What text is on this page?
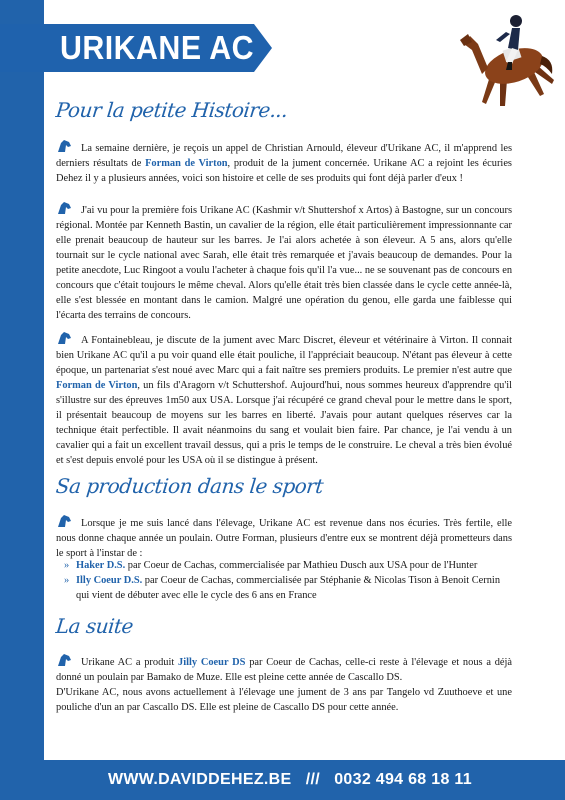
URIKANE AC
Pour la petite Histoire...

La semaine dernière, je reçois un appel de Christian Arnould, éleveur d'Urikane AC, il m'apprend les derniers résultats de Forman de Virton, produit de la jument concernée. Urikane AC a rejoint les écuries Dehez il y a plusieurs années, voici son histoire et celle de ses produits qui font déjà parler d'eux !

J'ai vu pour la première fois Urikane AC (Kashmir v/t Shuttershof x Artos) à Bastogne, sur un concours régional. Montée par Kenneth Bastin, un cavalier de la région, elle était particulièrement impressionnante car elle prenait beaucoup de hauteur sur les barres. Je l'ai alors achetée à son éleveur. A 5 ans, alors qu'elle tournait sur le cycle national avec Sarah, elle était très remarquée et j'avais beaucoup de demandes. Pour la petite anecdote, Luc Ringoot a voulu l'acheter à chaque fois qu'il l'a vue... ne se souvenant pas de concours en concours que c'était toujours le même cheval. Alors qu'elle était très bien classée dans le cycle cette année-là, elle s'est blessée en montant dans le camion. Malgré une opération du genou, elle garda une faiblesse qui l'écarta des terrains de concours.

A Fontainebleau, je discute de la jument avec Marc Discret, éleveur et vétérinaire à Virton. Il connait bien Urikane AC qu'il a pu voir quand elle était pouliche, il l'appréciait beaucoup. N'étant pas éleveur à cette époque, un partenariat s'est noué avec Marc qui a fait naître ses premiers produits. Le premier n'est autre que Forman de Virton, un fils d'Aragorn v/t Schuttershof. Aujourd'hui, nous sommes heureux d'apprendre qu'il s'illustre sur des épreuves 1m50 aux USA. Lorsque j'ai récupéré ce grand cheval pour le mettre dans le sport, il présentait beaucoup de moyens sur les barres en liberté. J'avais pour autant quelques réserves car la technique était perfectible. Il avait néanmoins du sang et voulait bien faire. Par chance, je l'ai vendu à un cavalier qui a fait un excellent travail dessus, qui a pris le temps de le construire. Le cheval a très bien évolué et s'est depuis envolé pour les USA où il se distingue à présent.

Sa production dans le sport

Lorsque je me suis lancé dans l'élevage, Urikane AC est revenue dans nos écuries. Très fertile, elle nous donne chaque année un poulain. Outre Forman, plusieurs d'entre eux se montrent déjà prometteurs dans le sport à l'instar de :

» Haker D.S. par Coeur de Cachas, commercialisée par Mathieu Dusch aux USA pour de l'Hunter
» Illy Coeur D.S. par Coeur de Cachas, commercialisée par Stéphanie & Nicolas Tison à Benoit Cernin qui vient de débuter avec elle le cycle des 6 ans en France
La suite

Urikane AC a produit Jilly Coeur DS par Coeur de Cachas, celle-ci reste à l'élevage et nous a déjà donné un poulain par Bamako de Muze. Elle est pleine cette année de Cascallo DS.
D'Urikane AC, nous avons actuellement à l'élevage une jument de 3 ans par Tangelo vd Zuuthoeve et une pouliche d'un an par Cascallo DS. Elle est pleine de Cascallo DS pour cette année.

WWW.DAVIDDEHEZ.BE /// 0032 494 68 18 11
